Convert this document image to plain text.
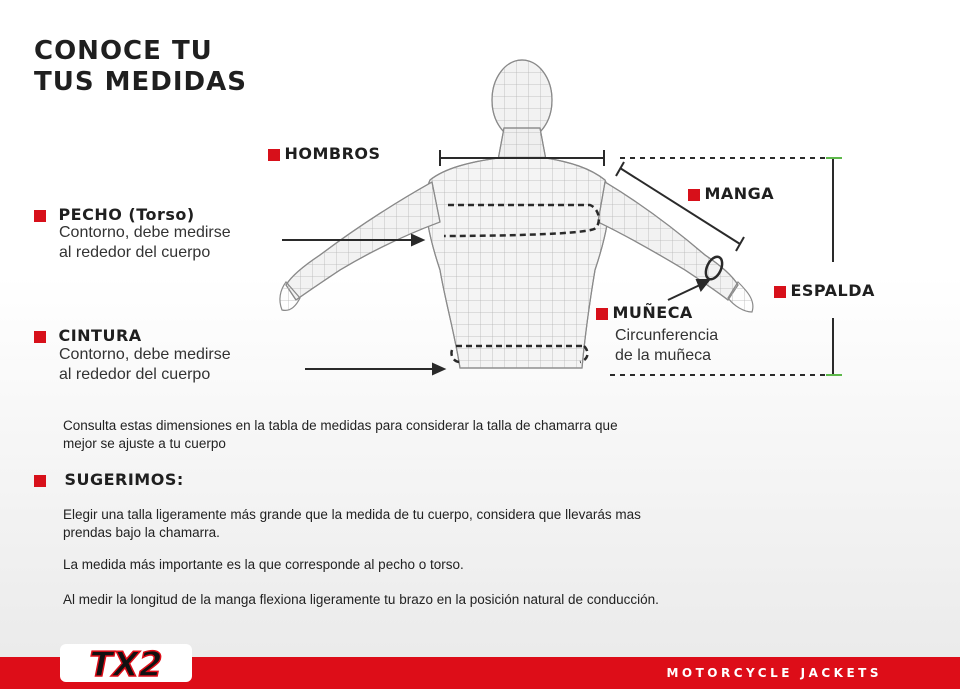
CONOCE TU
TUS MEDIDAS
HOMBROS
PECHO (Torso)
Contorno, debe medirse
al rededor del cuerpo
CINTURA
Contorno, debe medirse
al rededor del cuerpo
MANGA
ESPALDA
MUÑECA
Circunferencia
de la muñeca

Consulta estas dimensiones en la tabla de medidas para considerar la talla de chamarra que

mejor se ajuste a tu cuerpo

SUGERIMOS:

Elegir una talla ligeramente más grande que la medida de tu cuerpo, considera que llevarás mas

prendas bajo la chamarra.

La medida más importante es la que corresponde al pecho o torso.

Al medir la longitud de la manga flexiona ligeramente tu brazo en la posición natural de conducción.

MOTORCYCLE JACKETS
TX2
